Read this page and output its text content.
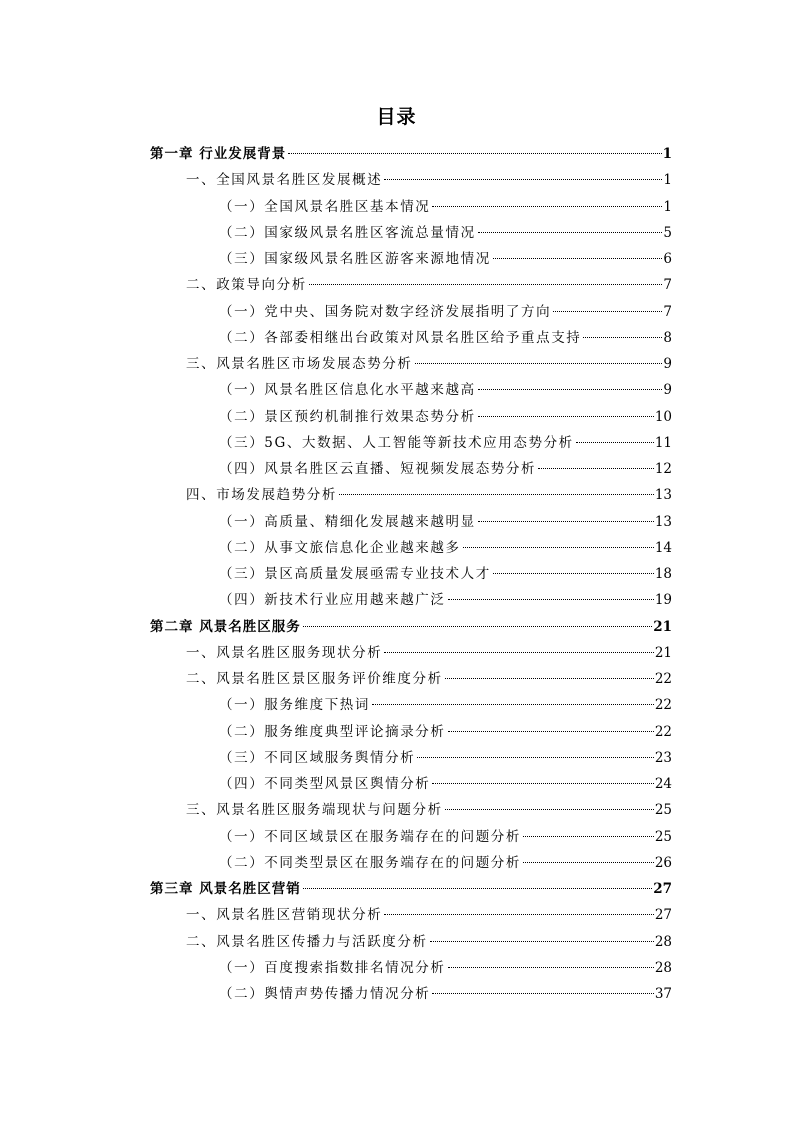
目录
第一章 行业发展背景	1
一、全国风景名胜区发展概述	1
（一）全国风景名胜区基本情况	1
（二）国家级风景名胜区客流总量情况	5
（三）国家级风景名胜区游客来源地情况	6
二、政策导向分析	7
（一）党中央、国务院对数字经济发展指明了方向	7
（二）各部委相继出台政策对风景名胜区给予重点支持	8
三、风景名胜区市场发展态势分析	9
（一）风景名胜区信息化水平越来越高	9
（二）景区预约机制推行效果态势分析	10
（三）5G、大数据、人工智能等新技术应用态势分析	11
（四）风景名胜区云直播、短视频发展态势分析	12
四、市场发展趋势分析	13
（一）高质量、精细化发展越来越明显	13
（二）从事文旅信息化企业越来越多	14
（三）景区高质量发展亟需专业技术人才	18
（四）新技术行业应用越来越广泛	19
第二章 风景名胜区服务	21
一、风景名胜区服务现状分析	21
二、风景名胜区景区服务评价维度分析	22
（一）服务维度下热词	22
（二）服务维度典型评论摘录分析	22
（三）不同区域服务舆情分析	23
（四）不同类型风景区舆情分析	24
三、风景名胜区服务端现状与问题分析	25
（一）不同区域景区在服务端存在的问题分析	25
（二）不同类型景区在服务端存在的问题分析	26
第三章 风景名胜区营销	27
一、风景名胜区营销现状分析	27
二、风景名胜区传播力与活跃度分析	28
（一）百度搜索指数排名情况分析	28
（二）舆情声势传播力情况分析	37
